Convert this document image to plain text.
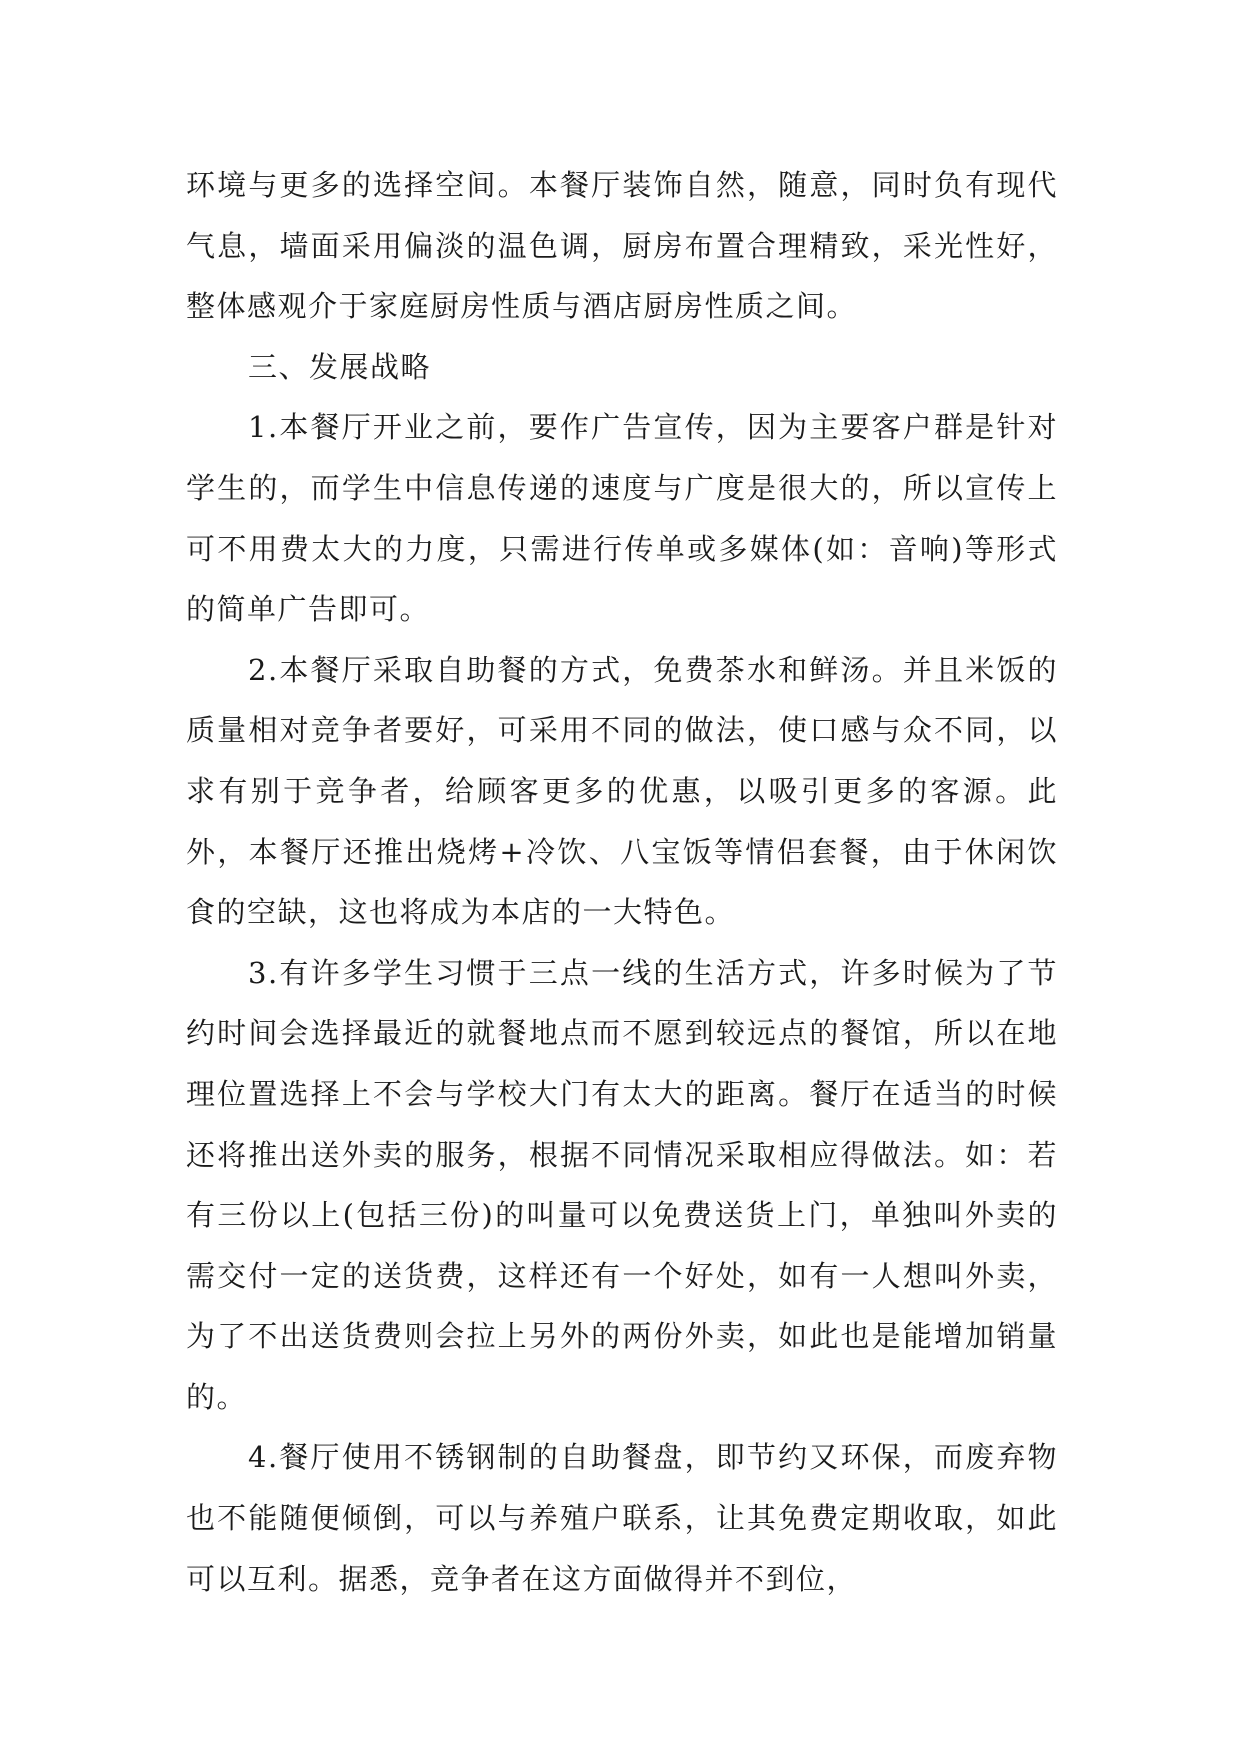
环境与更多的选择空间。本餐厅装饰自然，随意，同时负有现代气息，墙面采用偏淡的温色调，厨房布置合理精致，采光性好，整体感观介于家庭厨房性质与酒店厨房性质之间。

三、发展战略

1.本餐厅开业之前，要作广告宣传，因为主要客户群是针对学生的，而学生中信息传递的速度与广度是很大的，所以宣传上可不用费太大的力度，只需进行传单或多媒体(如：音响)等形式的简单广告即可。

2.本餐厅采取自助餐的方式，免费茶水和鲜汤。并且米饭的质量相对竞争者要好，可采用不同的做法，使口感与众不同，以求有别于竞争者，给顾客更多的优惠，以吸引更多的客源。此外，本餐厅还推出烧烤+冷饮、八宝饭等情侣套餐，由于休闲饮食的空缺，这也将成为本店的一大特色。

3.有许多学生习惯于三点一线的生活方式，许多时候为了节约时间会选择最近的就餐地点而不愿到较远点的餐馆，所以在地理位置选择上不会与学校大门有太大的距离。餐厅在适当的时候还将推出送外卖的服务，根据不同情况采取相应得做法。如：若有三份以上(包括三份)的叫量可以免费送货上门，单独叫外卖的需交付一定的送货费，这样还有一个好处，如有一人想叫外卖，为了不出送货费则会拉上另外的两份外卖，如此也是能增加销量的。

4.餐厅使用不锈钢制的自助餐盘，即节约又环保，而废弃物也不能随便倾倒，可以与养殖户联系，让其免费定期收取，如此可以互利。据悉，竞争者在这方面做得并不到位，
